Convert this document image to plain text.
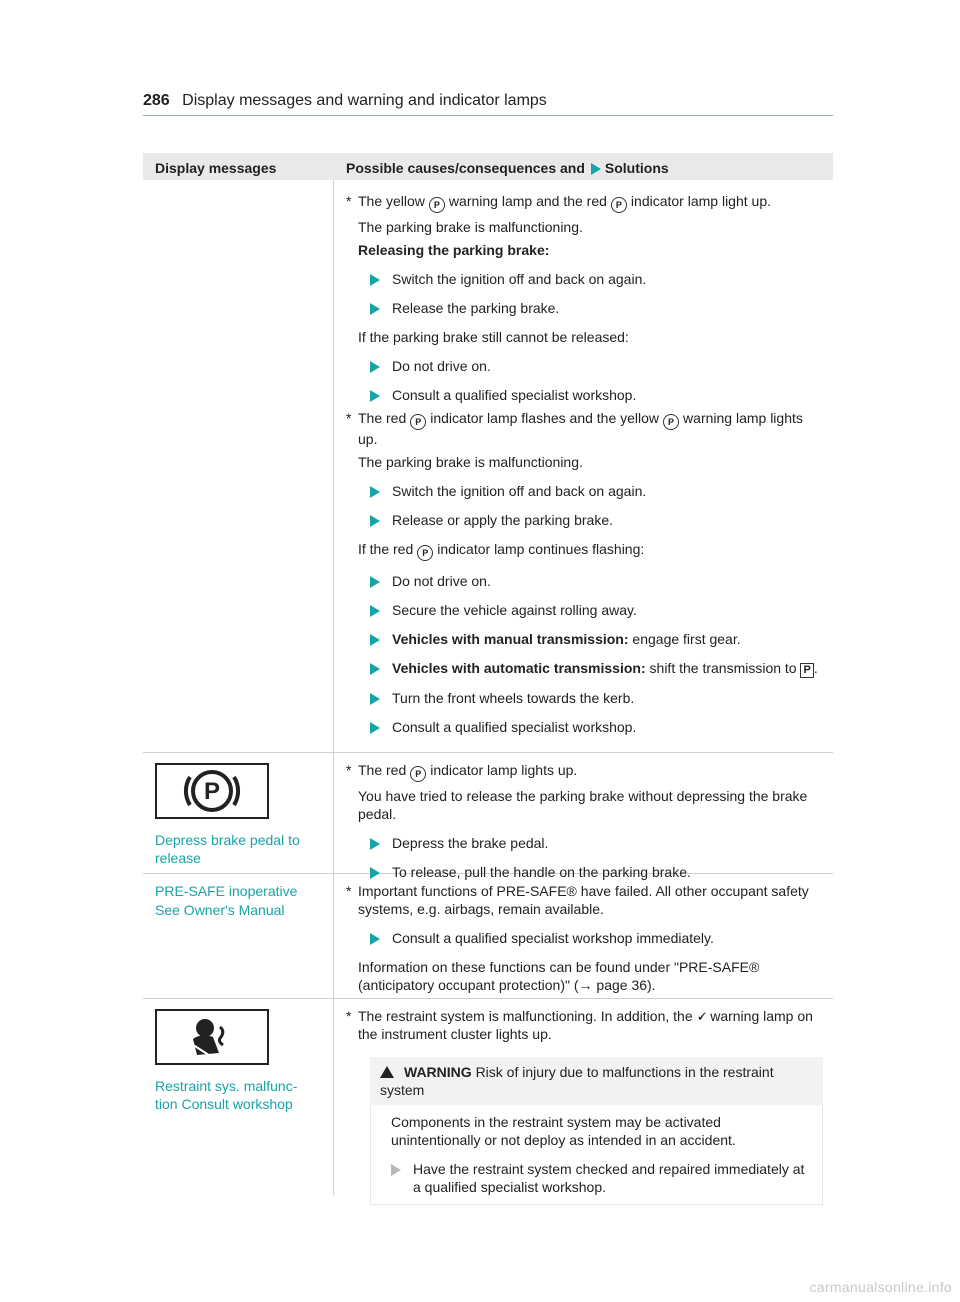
286 Display messages and warning and indicator lamps
Display messages	Possible causes/consequences and Solutions
* The yellow P warning lamp and the red P indicator lamp light up.
The parking brake is malfunctioning.
Releasing the parking brake:
Switch the ignition off and back on again.
Release the parking brake.
If the parking brake still cannot be released:
Do not drive on.
Consult a qualified specialist workshop.
* The red P indicator lamp flashes and the yellow P warning lamp lights up.
The parking brake is malfunctioning.
Switch the ignition off and back on again.
Release or apply the parking brake.
If the red P indicator lamp continues flashing:
Do not drive on.
Secure the vehicle against rolling away.
Vehicles with manual transmission: engage first gear.
Vehicles with automatic transmission: shift the transmission to P .
Turn the front wheels towards the kerb.
Consult a qualified specialist workshop.
P
Depress brake pedal to release
* The red P indicator lamp lights up.
You have tried to release the parking brake without depressing the brake pedal.
Depress the brake pedal.
To release, pull the handle on the parking brake.
PRE-SAFE inoperative
See Owner's Manual
* Important functions of PRE-SAFE® have failed. All other occupant safety systems, e.g. airbags, remain available.
Consult a qualified specialist workshop immediately.
Information on these functions can be found under "PRE-SAFE® (anticipatory occupant protection)" (→ page 36).
Restraint sys. malfunc-tion Consult workshop
* The restraint system is malfunctioning. In addition, the 🗸 warning lamp on the instrument cluster lights up.
WARNING Risk of injury due to malfunctions in the restraint system
Components in the restraint system may be activated unintentionally or not deploy as intended in an accident.
Have the restraint system checked and repaired immediately at a qualified specialist workshop.
carmanualsonline.info
